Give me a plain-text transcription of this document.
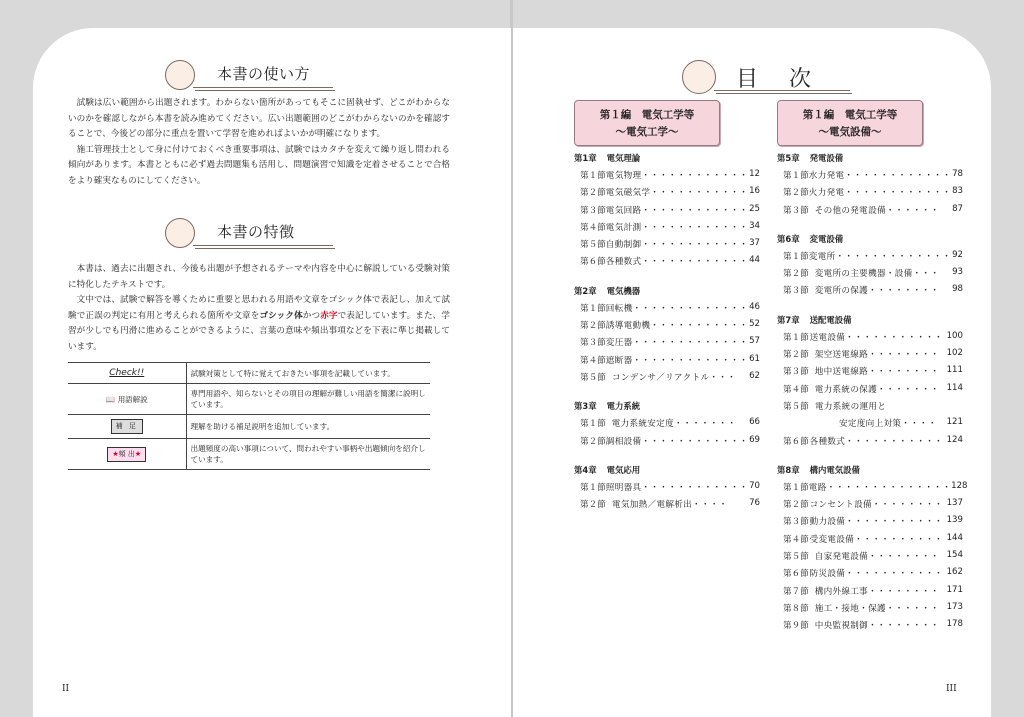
本書の使い方

試験は広い範囲から出題されます。わからない箇所があってもそこに固執せず、どこがわからないのかを確認しながら本書を読み進めてください。広い出題範囲のどこがわからないのかを確認することで、今後どの部分に重点を置いて学習を進めればよいかが明確になります。

施工管理技士として身に付けておくべき重要事項は、試験ではカタチを変えて繰り返し問われる傾向があります。本書とともに必ず過去問題集も活用し、問題演習で知識を定着させることで合格をより確実なものにしてください。

本書の特徴

本書は、過去に出題され、今後も出題が予想されるテーマや内容を中心に解説している受験対策に特化したテキストです。

文中では、試験で解答を導くために重要と思われる用語や文章をゴシック体で表記し、加えて試験で正誤の判定に有用と考えられる箇所や文章をゴシック体かつ赤字で表記しています。また、学習が少しでも円滑に進めることができるように、言葉の意味や頻出事項などを下表に準じ掲載しています。

Check!!	試験対策として特に覚えておきたい事項を記載しています。
📖 用語解説	専門用語や、知らないとその項目の理解が難しい用語を簡潔に説明しています。
補 足	理解を助ける補足説明を追加しています。
★頻 出★	出題頻度の高い事項について、問われやすい事柄や出題傾向を紹介しています。
II
目 次
第１編　電気工学等
～電気工学～
第１編　電気工学等
～電気設備～
第1章 電気理論
第１節 電気物理・・・・・・・・・・・・ 12
第２節 電気磁気学・・・・・・・・・・・ 16
第３節 電気回路・・・・・・・・・・・・ 25
第４節 電気計測・・・・・・・・・・・・ 34
第５節 自動制御・・・・・・・・・・・・ 37
第６節 各種数式・・・・・・・・・・・・ 44
第2章 電気機器
第１節 回転機・・・・・・・・・・・・・ 46
第２節 誘導電動機・・・・・・・・・・・ 52
第３節 変圧器・・・・・・・・・・・・・ 57
第４節 遮断器・・・・・・・・・・・・・ 61
第５節 コンデンサ／リアクトル・・・	62
第3章 電力系統
第１節 電力系統安定度・・・・・・・	66
第２節 調相設備・・・・・・・・・・・・ 69
第4章 電気応用
第１節 照明器具・・・・・・・・・・・・ 70
第２節 電気加熱／電解析出・・・・	76
第5章 発電設備
第１節 水力発電・・・・・・・・・・・・ 78
第２節 火力発電・・・・・・・・・・・・ 83
第３節 その他の発電設備・・・・・・	87
第6章 変電設備
第１節 変電所・・・・・・・・・・・・・ 92
第２節 変電所の主要機器・設備・・・	93
第３節 変電所の保護・・・・・・・・	98
第7章 送配電設備
第１節 送電設備・・・・・・・・・・・ 100
第２節 架空送電線路・・・・・・・・ 102
第３節 地中送電線路・・・・・・・・ 111
第４節 電力系統の保護・・・・・・・ 114
第５節 電力系統の運用と
安定度向上対策・・・・	121
第６節 各種数式・・・・・・・・・・・ 124
第8章 構内電気設備
第１節 電路・・・・・・・・・・・・・・ 128
第２節 コンセント設備・・・・・・・・ 137
第３節 動力設備・・・・・・・・・・・ 139
第４節 受変電設備・・・・・・・・・・ 144
第５節 自家発電設備・・・・・・・・ 154
第６節 防災設備・・・・・・・・・・・ 162
第７節 構内外線工事・・・・・・・・ 171
第８節 施工・接地・保護・・・・・・ 173
第９節 中央監視制御・・・・・・・・ 178
III
